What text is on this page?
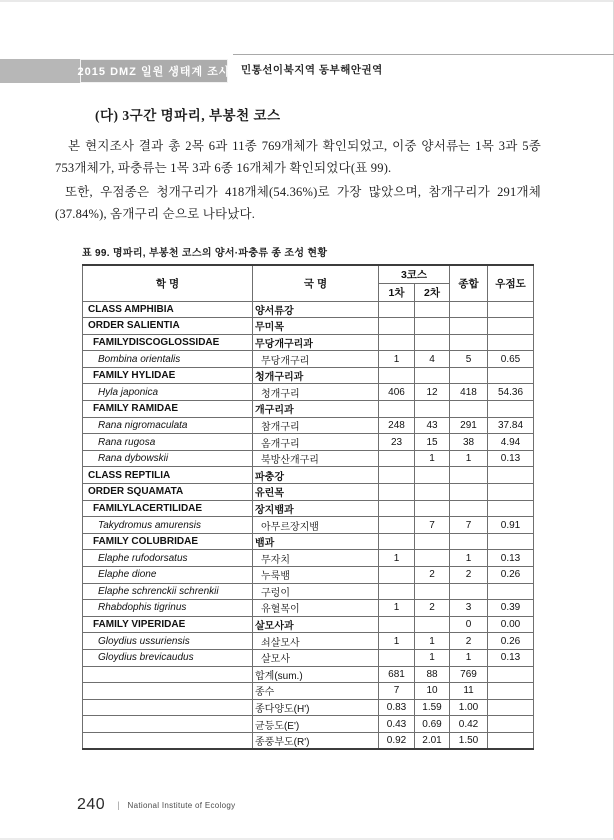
2015 DMZ 일원 생태계 조사 민통선이북지역 동부해안권역
(다) 3구간 명파리, 부봉천 코스

본 현지조사 결과 총 2목 6과 11종 769개체가 확인되었고, 이중 양서류는 1목 3과 5종 753개체가, 파충류는 1목 3과 6종 16개체가 확인되었다(표 99).

또한, 우점종은 청개구리가 418개체(54.36%)로 가장 많았으며, 참개구리가 291개체(37.84%), 옴개구리 순으로 나타났다.

표 99. 명파리, 부봉천 코스의 양서·파충류 종 조성 현황
학 명	국 명	3코스		종합	우점도
		1차	2차		
CLASS AMPHIBIA	양서류강				
ORDER SALIENTIA	무미목				
FAMILYDISCOGLOSSIDAE	무당개구리과				
Bombina orientalis	무당개구리	1	4	5	0.65
FAMILY HYLIDAE	청개구리과				
Hyla japonica	청개구리	406	12	418	54.36
FAMILY RAMIDAE	개구리과				
Rana nigromaculata	참개구리	248	43	291	37.84
Rana rugosa	옴개구리	23	15	38	4.94
Rana dybowskii	북방산개구리		1	1	0.13
CLASS REPTILIA	파충강				
ORDER SQUAMATA	유린목				
FAMILYLACERTILIDAE	장지뱀과				
Takydromus amurensis	아무르장지뱀		7	7	0.91
FAMILY COLUBRIDAE	뱀과				
Elaphe rufodorsatus	무자치	1		1	0.13
Elaphe dione	누룩뱀		2	2	0.26
Elaphe schrenckii schrenkii	구렁이				
Rhabdophis tigrinus	유혈목이	1	2	3	0.39
FAMILY VIPERIDAE	살모사과			0	0.00
Gloydius ussuriensis	쇠살모사	1	1	2	0.26
Gloydius brevicaudus	살모사		1	1	0.13
	합계(sum.)	681	88	769	
	종수	7	10	11	
	종다양도(H')	0.83	1.59	1.00	
	균등도(E')	0.43	0.69	0.42	
	종풍부도(R')	0.92	2.01	1.50	
240 | National Institute of Ecology
